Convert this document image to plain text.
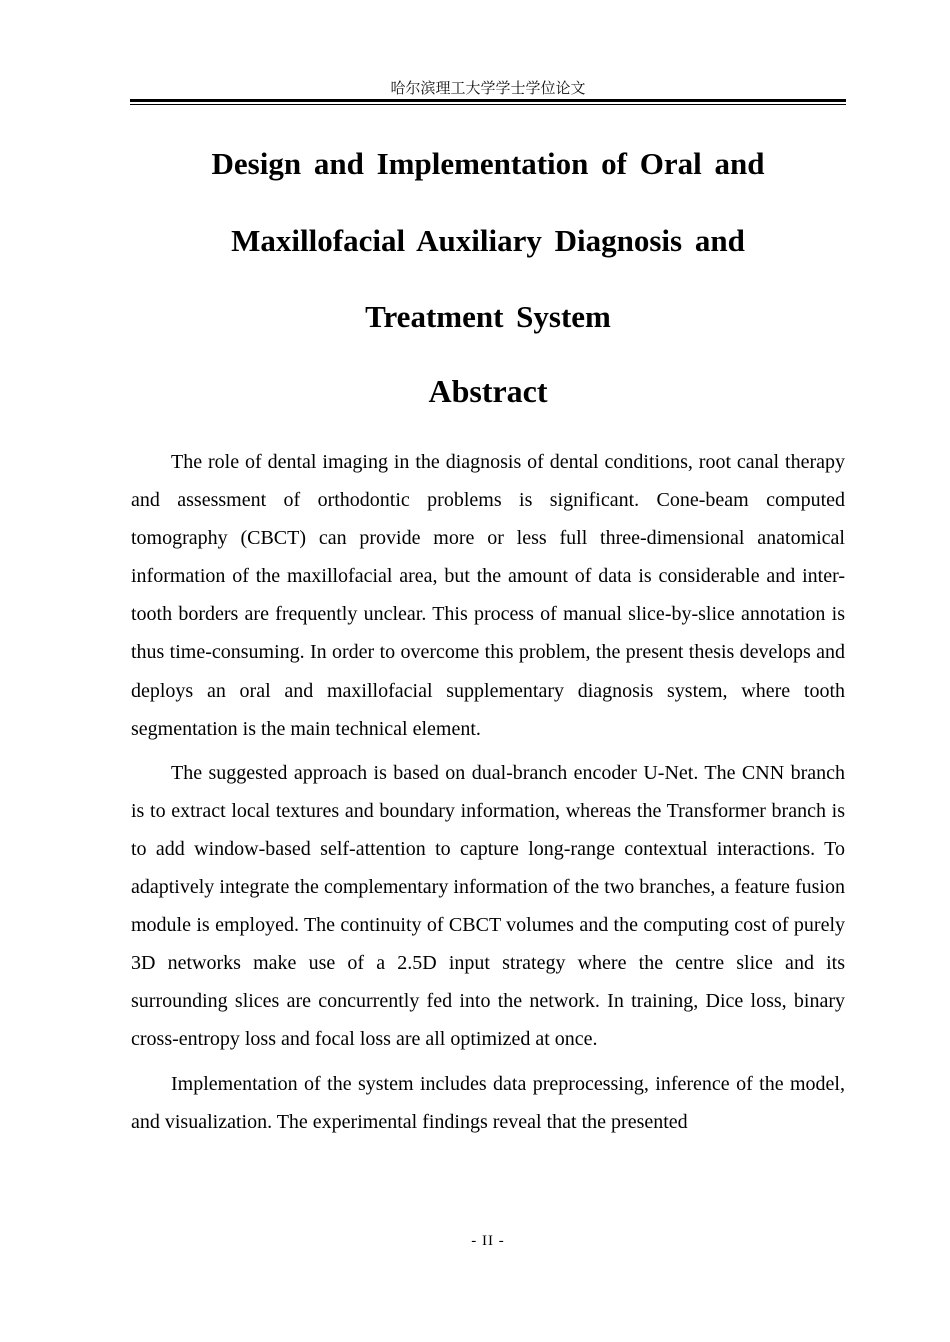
哈尔滨理工大学学士学位论文
Design and Implementation of Oral and
Maxillofacial Auxiliary Diagnosis and
Treatment System
Abstract

The role of dental imaging in the diagnosis of dental conditions, root canal therapy and assessment of orthodontic problems is significant. Cone-beam computed tomography (CBCT) can provide more or less full three-dimensional anatomical information of the maxillofacial area, but the amount of data is considerable and inter-tooth borders are frequently unclear. This process of manual slice-by-slice annotation is thus time-consuming. In order to overcome this problem, the present thesis develops and deploys an oral and maxillofacial supplementary diagnosis system, where tooth segmentation is the main technical element.

The suggested approach is based on dual-branch encoder U-Net. The CNN branch is to extract local textures and boundary information, whereas the Transformer branch is to add window-based self-attention to capture long-range contextual interactions. To adaptively integrate the complementary information of the two branches, a feature fusion module is employed. The continuity of CBCT volumes and the computing cost of purely 3D networks make use of a 2.5D input strategy where the centre slice and its surrounding slices are concurrently fed into the network. In training, Dice loss, binary cross-entropy loss and focal loss are all optimized at once.

Implementation of the system includes data preprocessing, inference of the model, and visualization. The experimental findings reveal that the presented

- II -
